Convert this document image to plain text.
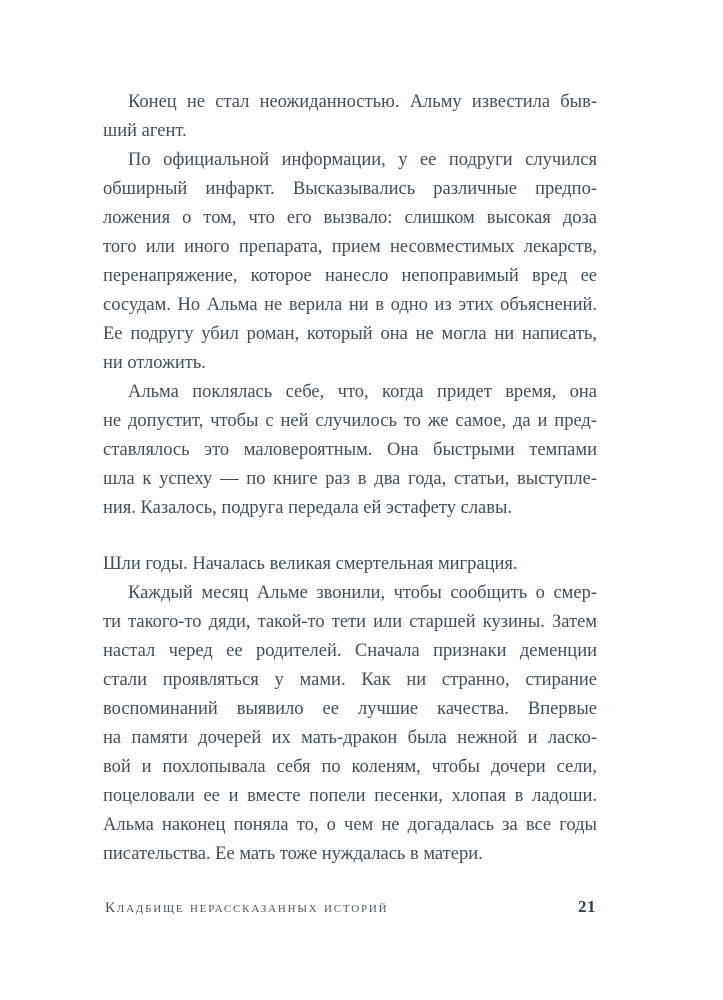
Конец не стал неожиданностью. Альму известила быв-
ший агент.

По официальной информации, у ее подруги случился
обширный инфаркт. Высказывались различные предпо-
ложения о том, что его вызвало: слишком высокая доза
того или иного препарата, прием несовместимых лекарств,
перенапряжение, которое нанесло непоправимый вред ее
сосудам. Но Альма не верила ни в одно из этих объяснений.
Ее подругу убил роман, который она не могла ни написать,
ни отложить.

Альма поклялась себе, что, когда придет время, она
не допустит, чтобы с ней случилось то же самое, да и пред-
ставлялось это маловероятным. Она быстрыми темпами
шла к успеху — по книге раз в два года, статьи, выступле-
ния. Казалось, подруга передала ей эстафету славы.

Шли годы. Началась великая смертельная миграция.

Каждый месяц Альме звонили, чтобы сообщить о смер-
ти такого-то дяди, такой-то тети или старшей кузины. Затем
настал черед ее родителей. Сначала признаки деменции
стали проявляться у мами. Как ни странно, стирание
воспоминаний выявило ее лучшие качества. Впервые
на памяти дочерей их мать-дракон была нежной и ласко-
вой и похлопывала себя по коленям, чтобы дочери сели,
поцеловали ее и вместе попели песенки, хлопая в ладоши.
Альма наконец поняла то, о чем не догадалась за все годы
писательства. Ее мать тоже нуждалась в матери.

Кладбище нерассказанных историй	21
